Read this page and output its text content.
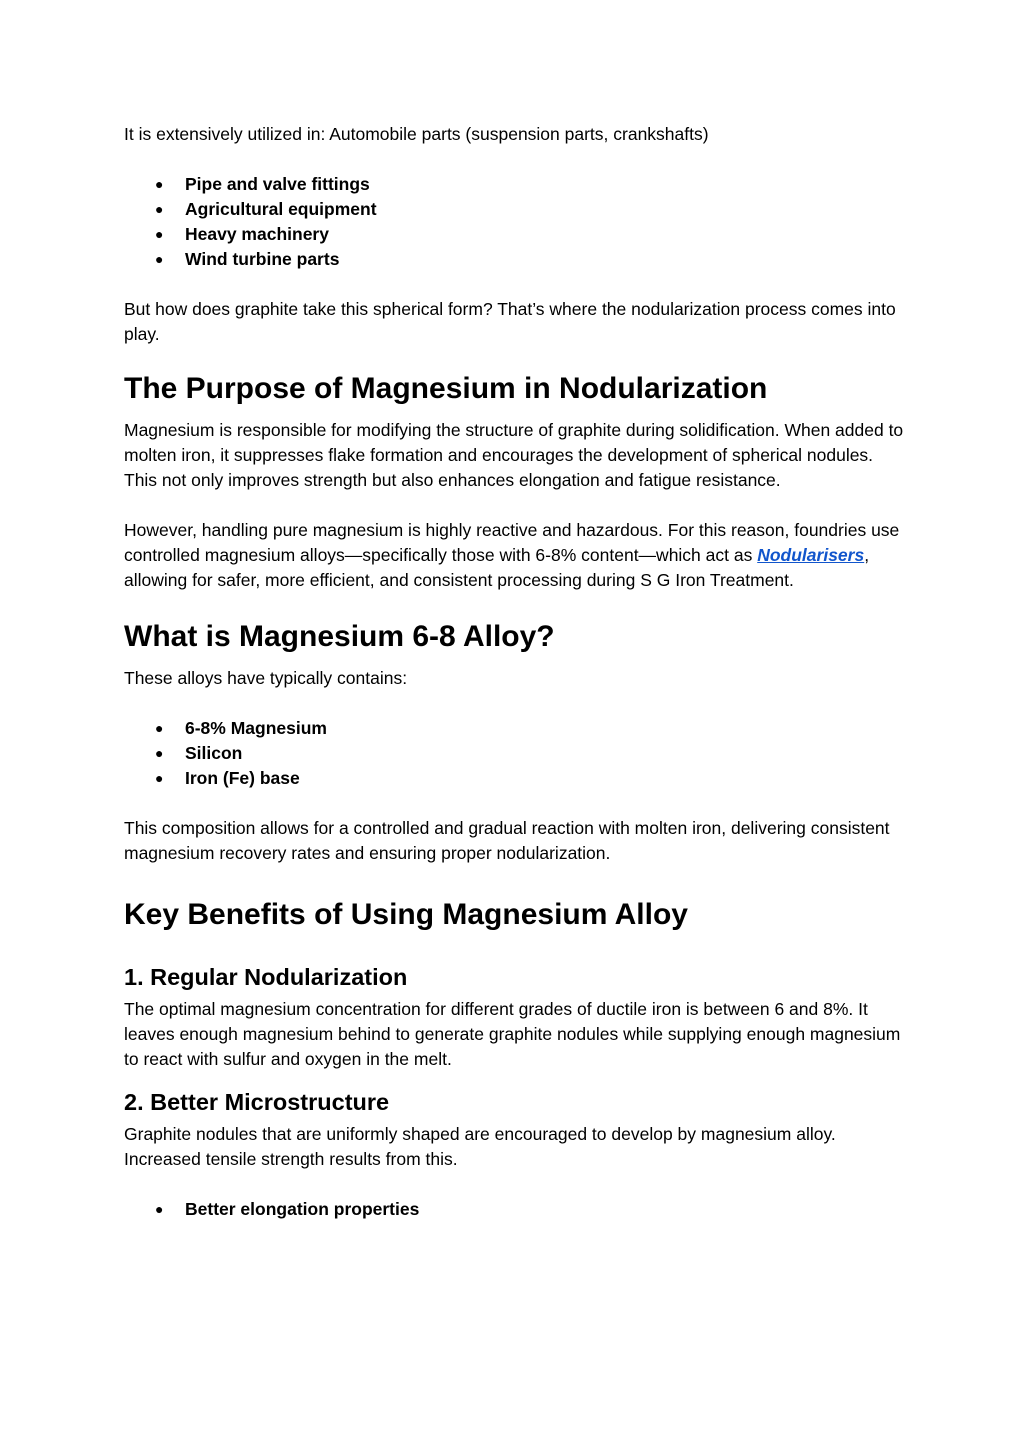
It is extensively utilized in: Automobile parts (suspension parts, crankshafts)

● Pipe and valve fittings
● Agricultural equipment
● Heavy machinery
● Wind turbine parts

But how does graphite take this spherical form? That’s where the nodularization process comes into play.

The Purpose of Magnesium in Nodularization

Magnesium is responsible for modifying the structure of graphite during solidification. When added to molten iron, it suppresses flake formation and encourages the development of spherical nodules. This not only improves strength but also enhances elongation and fatigue resistance.

However, handling pure magnesium is highly reactive and hazardous. For this reason, foundries use controlled magnesium alloys—specifically those with 6-8% content—which act as Nodularisers, allowing for safer, more efficient, and consistent processing during S G Iron Treatment.

What is Magnesium 6-8 Alloy?

These alloys have typically contains:

● 6-8% Magnesium
● Silicon
● Iron (Fe) base

This composition allows for a controlled and gradual reaction with molten iron, delivering consistent magnesium recovery rates and ensuring proper nodularization.

Key Benefits of Using Magnesium Alloy
1. Regular Nodularization

The optimal magnesium concentration for different grades of ductile iron is between 6 and 8%. It leaves enough magnesium behind to generate graphite nodules while supplying enough magnesium to react with sulfur and oxygen in the melt.

2. Better Microstructure

Graphite nodules that are uniformly shaped are encouraged to develop by magnesium alloy. Increased tensile strength results from this.

● Better elongation properties
